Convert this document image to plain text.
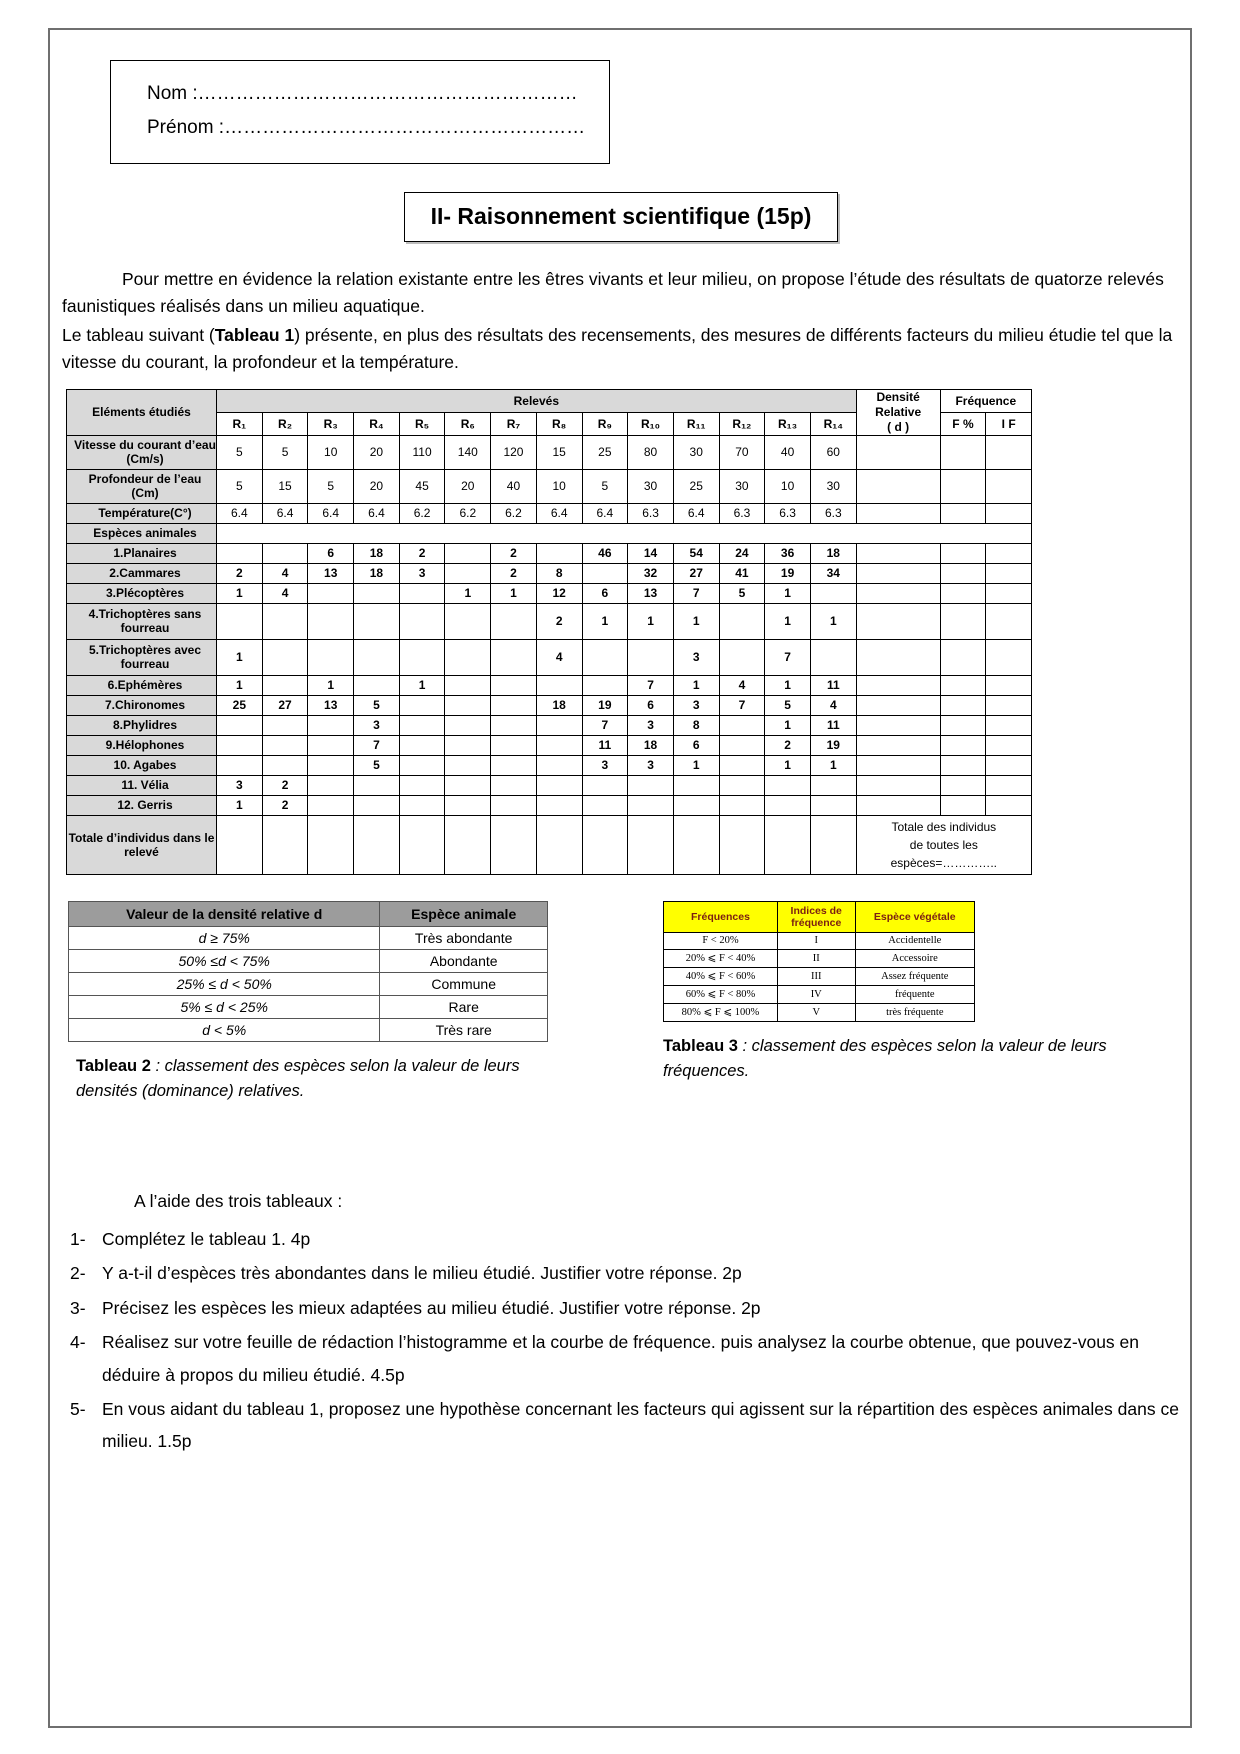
Nom :……………………………………………………
Prénom :…………………………………………………
II- Raisonnement scientifique (15p)

Pour mettre en évidence la relation existante entre les êtres vivants et leur milieu, on propose l’étude des résultats de quatorze relevés faunistiques réalisés dans un milieu aquatique.

Le tableau suivant (Tableau 1) présente, en plus des résultats des recensements, des mesures de différents facteurs du milieu étudie tel que la vitesse du courant, la profondeur et la température.

Eléments étudiés	Relevés														Densité
Relative
( d )	Fréquence	
	R₁	R₂	R₃	R₄	R₅	R₆	R₇	R₈	R₉	R₁₀	R₁₁	R₁₂	R₁₃	R₁₄		F %	I F
Vitesse du courant d’eau (Cm/s)	5	5	10	20	110	140	120	15	25	80	30	70	40	60			
Profondeur de l’eau (Cm)	5	15	5	20	45	20	40	10	5	30	25	30	10	30			
Température(C°)	6.4	6.4	6.4	6.4	6.2	6.2	6.2	6.4	6.4	6.3	6.4	6.3	6.3	6.3			
Espèces animales																	
1.Planaires			6	18	2		2		46	14	54	24	36	18			
2.Cammares	2	4	13	18	3		2	8		32	27	41	19	34			
3.Plécoptères	1	4				1	1	12	6	13	7	5	1				
4.Trichoptères sans fourreau								2	1	1	1		1	1			
5.Trichoptères avec fourreau	1							4			3		7				
6.Ephémères	1		1		1					7	1	4	1	11			
7.Chironomes	25	27	13	5				18	19	6	3	7	5	4			
8.Phylidres				3					7	3	8		1	11			
9.Hélophones				7					11	18	6		2	19			
10. Agabes				5					3	3	1		1	1			
11. Vélia	3	2															
12. Gerris	1	2															
Totale d’individus dans le relevé															Totale des individus
de toutes les espèces=…………..		
Valeur de la densité relative d	Espèce animale
d ≥ 75%	Très abondante
50% ≤d < 75%	Abondante
25% ≤ d < 50%	Commune
5% ≤ d < 25%	Rare
d < 5%	Très rare
Tableau 2 : classement des espèces selon la valeur de leurs densités (dominance) relatives.
Fréquences	Indices de
fréquence	Espèce végétale
F < 20%	I	Accidentelle
20% ⩽ F < 40%	II	Accessoire
40% ⩽ F < 60%	III	Assez fréquente
60% ⩽ F < 80%	IV	fréquente
80% ⩽ F ⩽ 100%	V	très fréquente
Tableau 3 : classement des espèces selon la valeur de leurs fréquences.
A l’aide des trois tableaux :
1- Complétez le tableau 1. 4p
2- Y a-t-il d’espèces très abondantes dans le milieu étudié. Justifier votre réponse. 2p
3- Précisez les espèces les mieux adaptées au milieu étudié. Justifier votre réponse. 2p
4- Réalisez sur votre feuille de rédaction l’histogramme et la courbe de fréquence. puis analysez la courbe obtenue, que pouvez-vous en déduire à propos du milieu étudié. 4.5p
5- En vous aidant du tableau 1, proposez une hypothèse concernant les facteurs qui agissent sur la répartition des espèces animales dans ce milieu. 1.5p
